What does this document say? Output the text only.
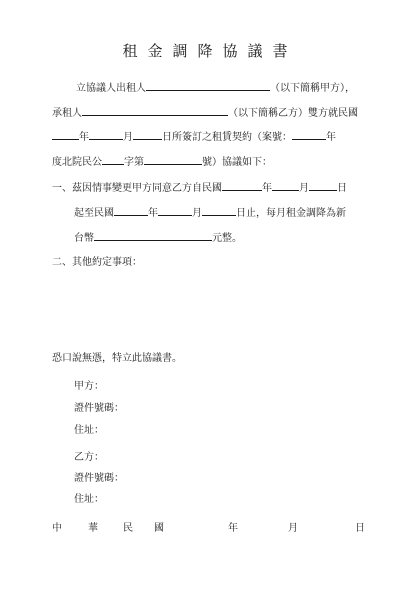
租金調降協議書
立協議人出租人	（以下簡稱甲方），
承租人	（以下簡稱乙方）雙方就民國
年	月	日所簽訂之租賃契約（案號：	年
度北院民公 字第	號）協議如下：
一、茲因情事變更甲方同意乙方自民國	年	月	日
起至民國	年	月	日止，每月租金調降為新
台幣	元整。
二、其他約定事項：
恐口說無憑，特立此協議書。
甲方：
證件號碼：
住址：
乙方：
證件號碼：
住址：
中	華	民 國	年	月	日
